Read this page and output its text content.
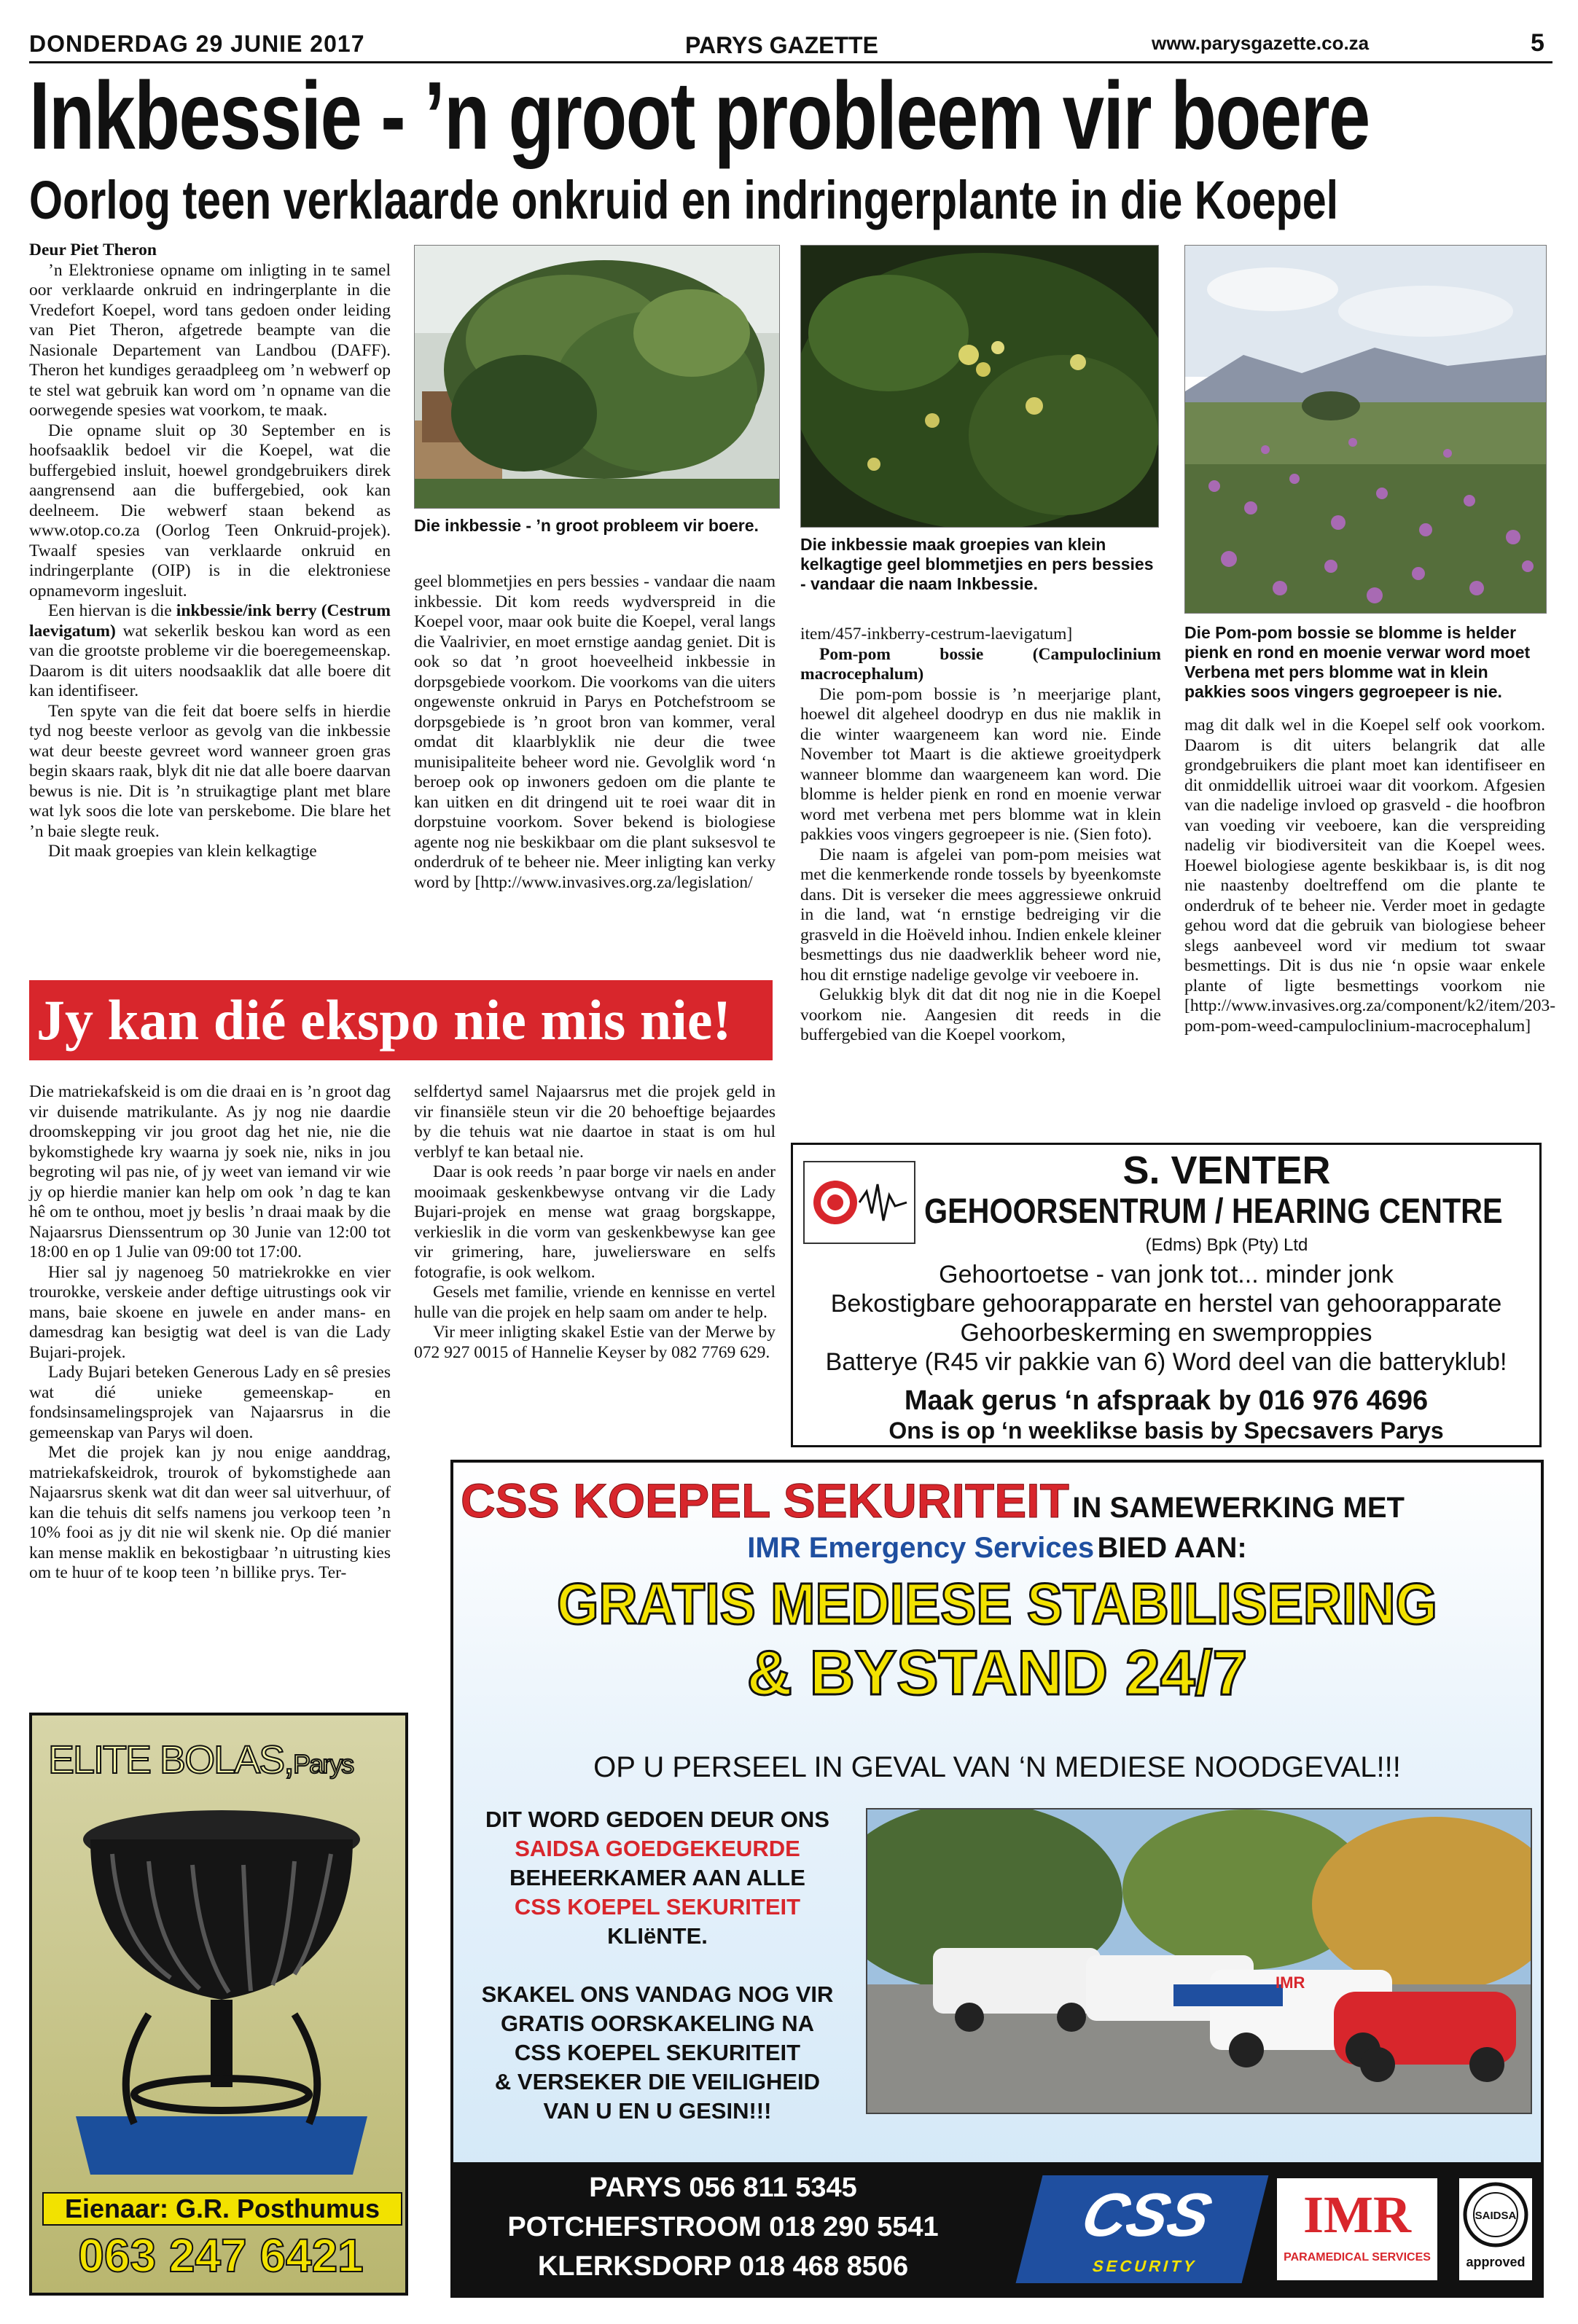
DONDERDAG 29 JUNIE 2017	PARYS GAZETTE	www.parysgazette.co.za	5
Inkbessie - ’n groot probleem vir boere
Oorlog teen verklaarde onkruid en indringerplante in die Koepel

Deur Piet Theron

’n Elektroniese opname om inligting in te samel oor verklaarde onkruid en indringerplante in die Vredefort Koepel, word tans gedoen onder leiding van Piet Theron, afgetrede beampte van die Nasionale Departement van Landbou (DAFF). Theron het kundiges geraadpleeg om ’n webwerf op te stel wat gebruik kan word om ’n opname van die oorwegende spesies wat voorkom, te maak.

Die opname sluit op 30 September en is hoofsaaklik bedoel vir die Koepel, wat die buffergebied insluit, hoewel grondgebruikers direk aangrensend aan die buffergebied, ook kan deelneem. Die webwerf staan bekend as www.otop.co.za (Oorlog Teen Onkruid-projek). Twaalf spesies van verklaarde onkruid en indringerplante (OIP) is in die elektroniese opnamevorm ingesluit.

Een hiervan is die inkbessie/ink berry (Cestrum laevigatum) wat sekerlik beskou kan word as een van die grootste probleme vir die boeregemeenskap. Daarom is dit uiters noodsaaklik dat alle boere dit kan identifiseer.

Ten spyte van die feit dat boere selfs in hierdie tyd nog beeste verloor as gevolg van die inkbessie wat deur beeste gevreet word wanneer groen gras begin skaars raak, blyk dit nie dat alle boere daarvan bewus is nie. Dit is ’n struikagtige plant met blare wat lyk soos die lote van perskebome. Die blare het ’n baie slegte reuk.

Dit maak groepies van klein kelkagtige

Die inkbessie - ’n groot probleem vir boere.

geel blommetjies en pers bessies - vandaar die naam inkbessie. Dit kom reeds wydverspreid in die Koepel voor, maar ook buite die Koepel, veral langs die Vaalrivier, en moet ernstige aandag geniet. Dit is ook so dat ’n groot hoeveelheid inkbessie in dorpsgebiede voorkom. Die voorkoms van die uiters ongewenste onkruid in Parys en Potchefstroom se dorpsgebiede is ’n groot bron van kommer, veral omdat dit klaarblyklik nie deur die twee munisipaliteite beheer word nie. Gevolglik word ‘n beroep ook op inwoners gedoen om die plante te kan uitken en dit dringend uit te roei waar dit in dorpstuine voorkom. Sover bekend is biologiese agente nog nie beskikbaar om die plant suksesvol te onderdruk of te beheer nie. Meer inligting kan verky word by [http://www.invasives.org.za/legislation/

Die inkbessie maak groepies van klein kelkagtige geel blommetjies en pers bessies - vandaar die naam Inkbessie.

item/457-inkberry-cestrum-laevigatum]

Pom-pom bossie (Campuloclinium macrocephalum)

Die pom-pom bossie is ’n meerjarige plant, hoewel dit algeheel doodryp en dus nie maklik in die winter waargeneem kan word nie. Einde November tot Maart is die aktiewe groeitydperk wanneer blomme dan waargeneem kan word. Die blomme is helder pienk en rond en moenie verwar word met verbena met pers blomme wat in klein pakkies voos vingers gegroepeer is nie. (Sien foto).

Die naam is afgelei van pom-pom meisies wat met die kenmerkende ronde tossels by byeenkomste dans. Dit is verseker die mees aggressiewe onkruid in die land, wat ‘n ernstige bedreiging vir die grasveld in die Hoëveld inhou. Indien enkele kleiner besmettings dus nie daadwerklik beheer word nie, hou dit ernstige nadelige gevolge vir veeboere in.

Gelukkig blyk dit dat dit nog nie in die Koepel voorkom nie. Aangesien dit reeds in die buffergebied van die Koepel voorkom,

Die Pom-pom bossie se blomme is helder pienk en rond en moenie verwar word moet Verbena met pers blomme wat in klein pakkies soos vingers gegroepeer is nie.

mag dit dalk wel in die Koepel self ook voorkom. Daarom is dit uiters belangrik dat alle grondgebruikers die plant moet kan identifiseer en dit onmiddellik uitroei waar dit voorkom. Afgesien van die nadelige invloed op grasveld - die hoofbron van voeding vir veeboere, kan die verspreiding nadelig vir biodiversiteit van die Koepel wees. Hoewel biologiese agente beskikbaar is, is dit nog nie naastenby doeltreffend om die plante te onderdruk of te beheer nie. Verder moet in gedagte gehou word dat die gebruik van biologiese beheer slegs aanbeveel word vir medium tot swaar besmettings. Dit is dus nie ‘n opsie waar enkele plante of ligte besmettings voorkom nie [http://www.invasives.org.za/component/k2/item/203-pom-pom-weed-campuloclinium-macrocephalum]

Jy kan dié ekspo nie mis nie!

Die matriekafskeid is om die draai en is ’n groot dag vir duisende matrikulante. As jy nog nie daardie droomskepping vir jou groot dag het nie, nie die bykomstighede kry waarna jy soek nie, niks in jou begroting wil pas nie, of jy weet van iemand vir wie jy op hierdie manier kan help om ook ’n dag te kan hê om te onthou, moet jy beslis ’n draai maak by die Najaarsrus Dienssentrum op 30 Junie van 12:00 tot 18:00 en op 1 Julie van 09:00 tot 17:00.

Hier sal jy nagenoeg 50 matriekrokke en vier trourokke, verskeie ander deftige uitrustings ook vir mans, baie skoene en juwele en ander mans- en damesdrag kan besigtig wat deel is van die Lady Bujari-projek.

Lady Bujari beteken Generous Lady en sê presies wat dié unieke gemeenskap- en fondsinsamelingsprojek van Najaarsrus in die gemeenskap van Parys wil doen.

Met die projek kan jy nou enige aanddrag, matriekafskeidrok, trourok of bykomstighede aan Najaarsrus skenk wat dit dan weer sal uitverhuur, of kan die tehuis dit selfs namens jou verkoop teen ’n 10% fooi as jy dit nie wil skenk nie. Op dié manier kan mense maklik en bekostigbaar ’n uitrusting kies om te huur of te koop teen ’n billike prys. Ter-

selfdertyd samel Najaarsrus met die projek geld in vir finansiële steun vir die 20 behoeftige bejaardes by die tehuis wat nie daartoe in staat is om hul verblyf te kan betaal nie.

Daar is ook reeds ’n paar borge vir naels en ander mooimaak geskenkbewyse ontvang vir die Lady Bujari-projek en mense wat graag borgskappe, verkieslik in die vorm van geskenkbewyse kan gee vir grimering, hare, juweliersware en selfs fotografie, is ook welkom.

Gesels met familie, vriende en kennisse en vertel hulle van die projek en help saam om ander te help.

Vir meer inligting skakel Estie van der Merwe by 072 927 0015 of Hannelie Keyser by 082 7769 629.

S. VENTER
GEHOORSENTRUM / HEARING CENTRE
(Edms) Bpk (Pty) Ltd
Gehoortoetse - van jonk tot... minder jonk
Bekostigbare gehoorapparate en herstel van gehoorapparate
Gehoorbeskerming en swemproppies
Batterye (R45 vir pakkie van 6) Word deel van die batteryklub!
Maak gerus ‘n afspraak by 016 976 4696
Ons is op ‘n weeklikse basis by Specsavers Parys
ELITE BOLAS,Parys
Eienaar: G.R. Posthumus
063 247 6421
CSS KOEPEL SEKURITEIT IN SAMEWERKING MET
IMR Emergency Services BIED AAN:
GRATIS MEDIESE STABILISERING
& BYSTAND 24/7
OP U PERSEEL IN GEVAL VAN ‘N MEDIESE NOODGEVAL!!!
DIT WORD GEDOEN DEUR ONS
SAIDSA GOEDGEKEURDE
BEHEERKAMER AAN ALLE
CSS KOEPEL SEKURITEIT
KLIëNTE.
SKAKEL ONS VANDAG NOG VIR
GRATIS OORSKAKELING NA
CSS KOEPEL SEKURITEIT
& VERSEKER DIE VEILIGHEID
VAN U EN U GESIN!!!
IMR
PARYS 056 811 5345
POTCHEFSTROOM 018 290 5541
KLERKSDORP 018 468 8506
CSS
SECURITY
IMR
PARAMEDICAL SERVICES
SAIDSA
approved
